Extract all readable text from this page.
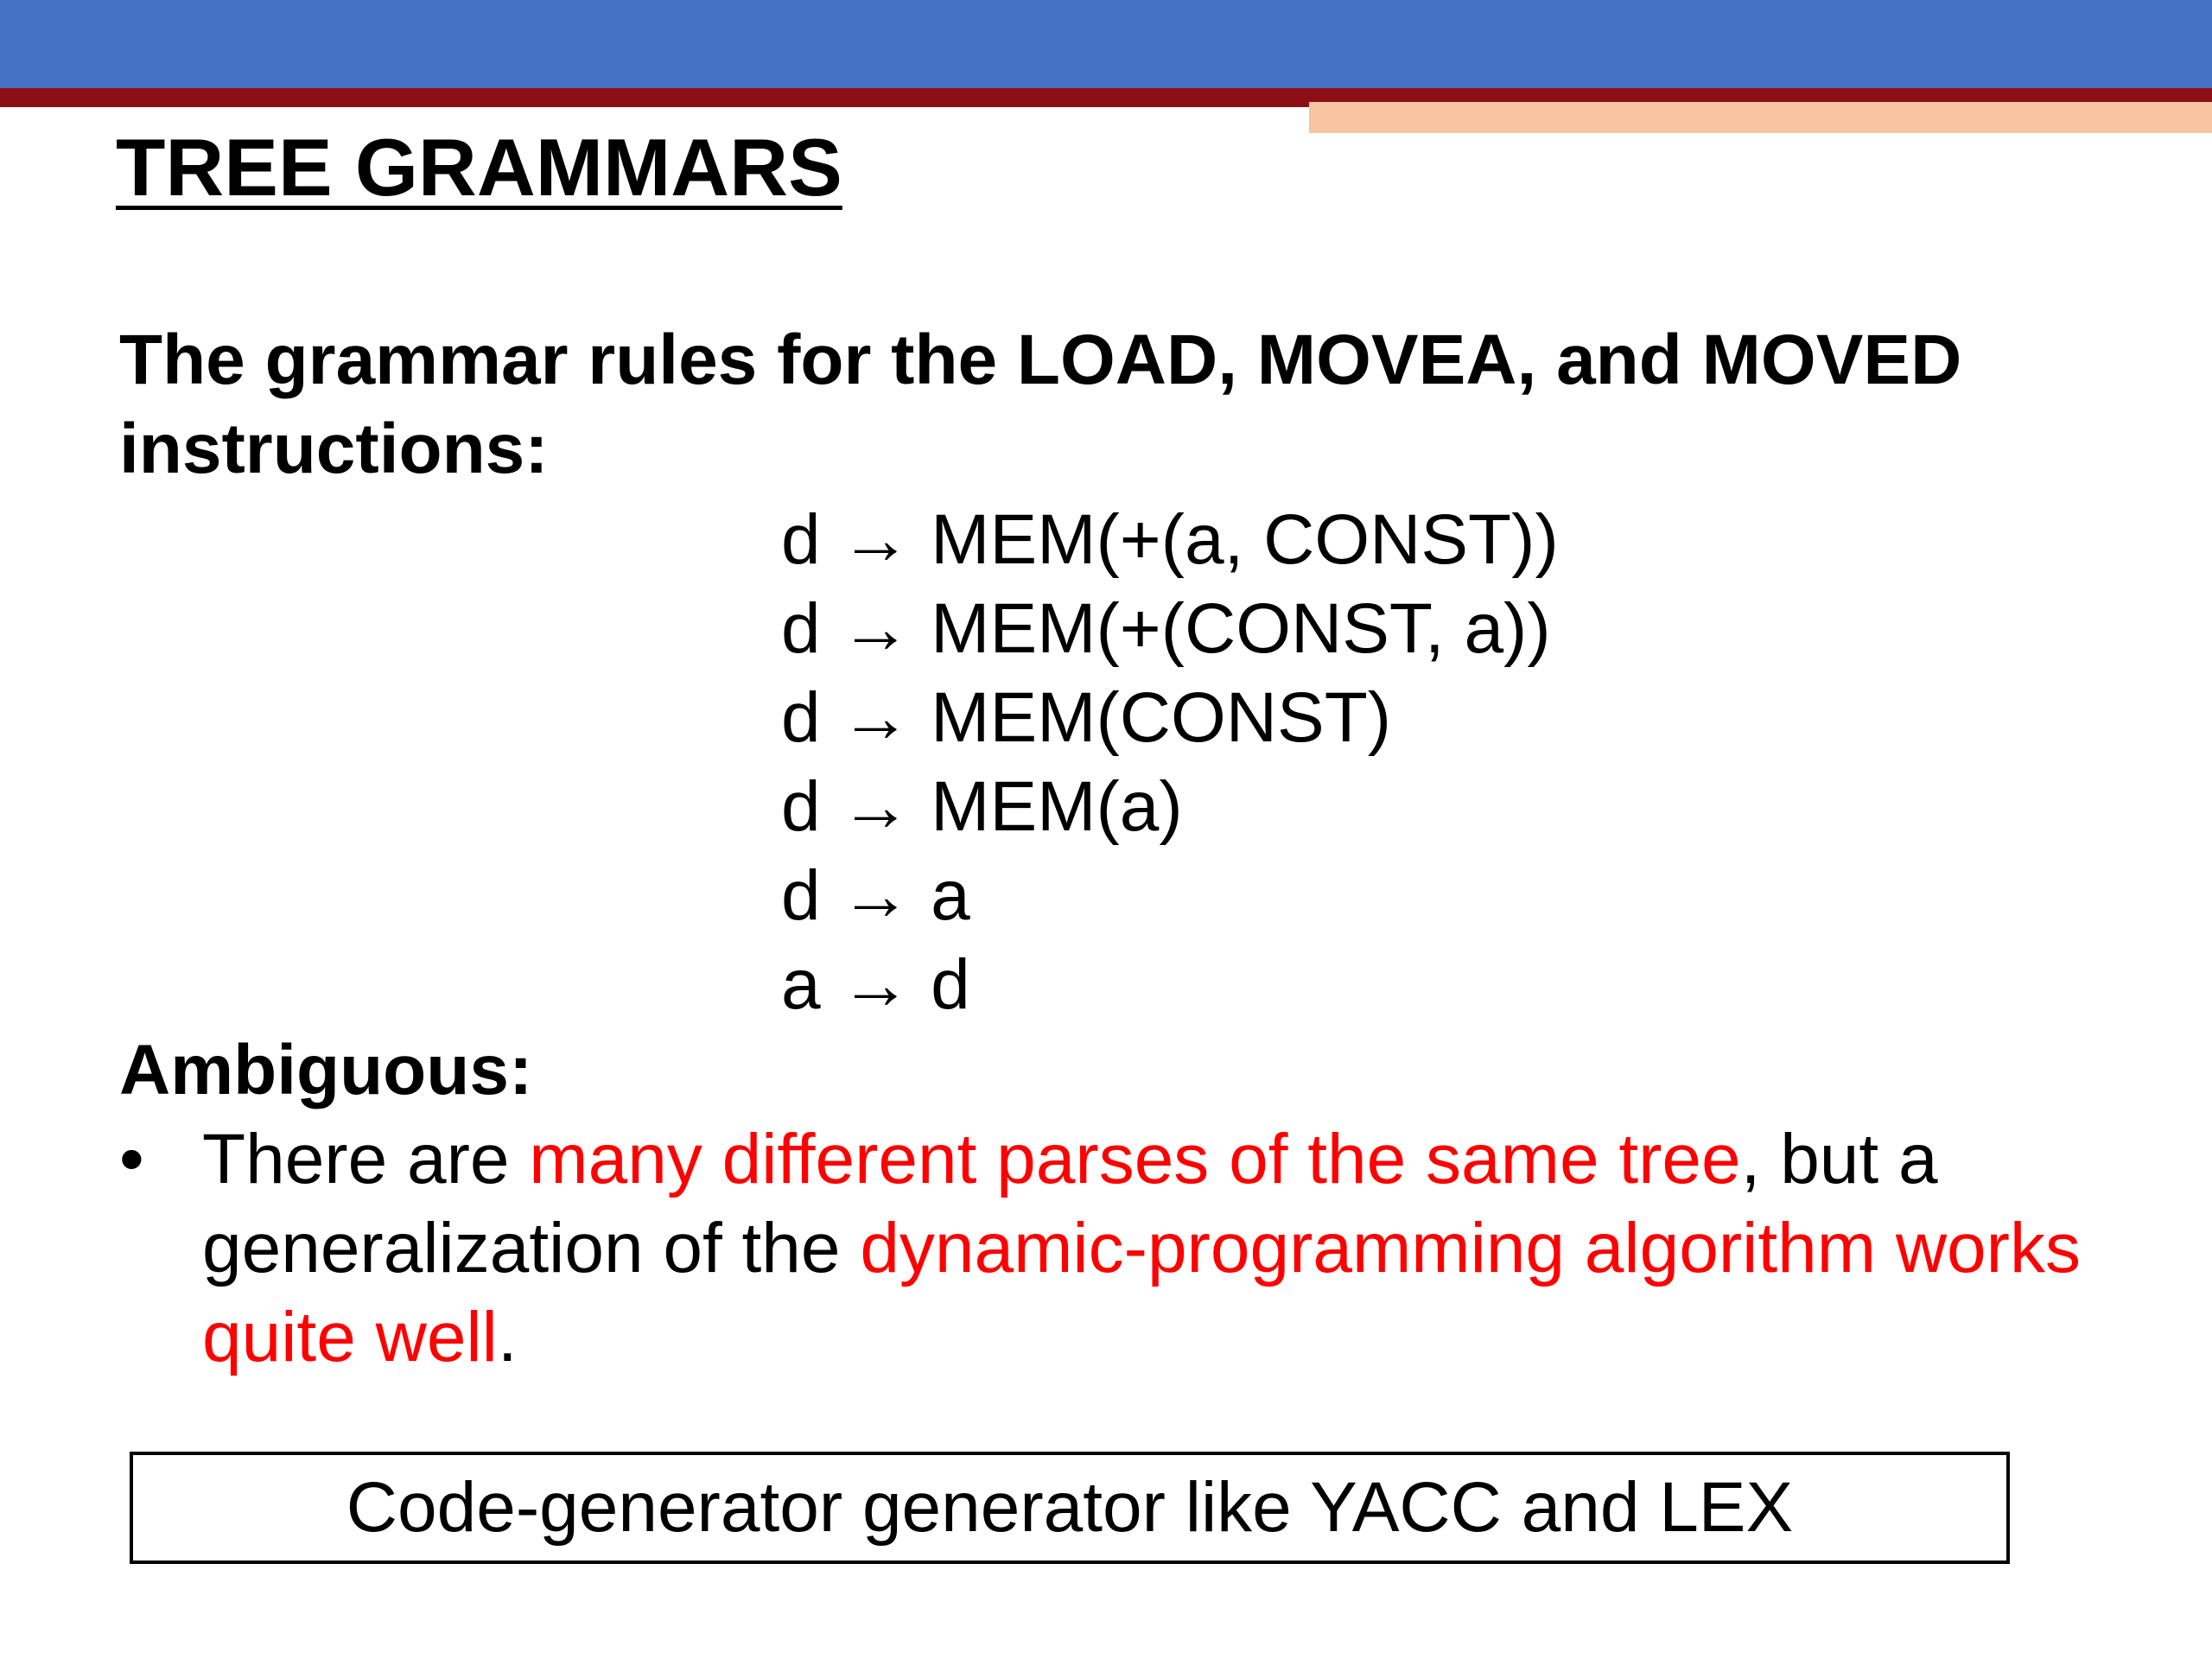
TREE GRAMMARS

The grammar rules for the LOAD, MOVEA, and MOVED instructions:

d → MEM(+(a, CONST))
d → MEM(+(CONST, a))
d → MEM(CONST)
d → MEM(a)
d → a
a → d

Ambiguous:

• There are many different parses of the same tree, but a generalization of the dynamic-programming algorithm works quite well.
Code-generator generator like YACC and LEX
